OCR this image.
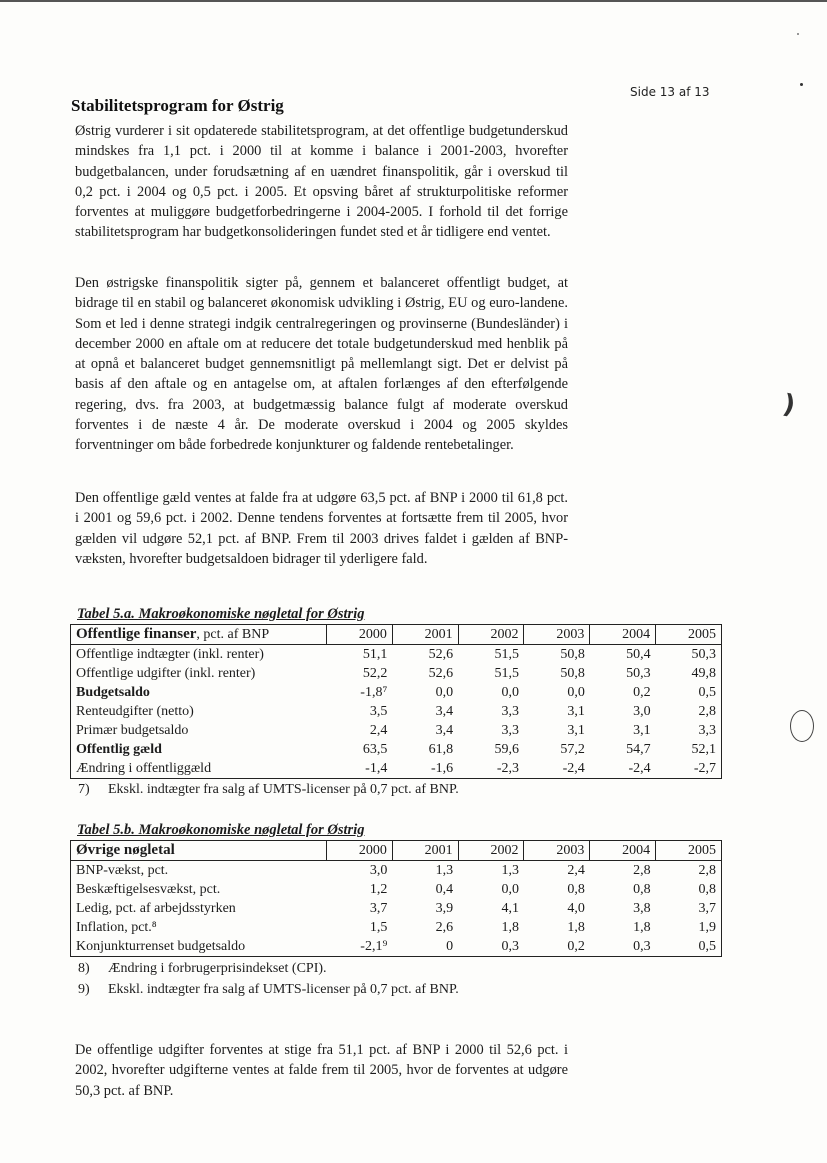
Side 13 af 13
Stabilitetsprogram for Østrig

Østrig vurderer i sit opdaterede stabilitetsprogram, at det offentlige budgetunderskud mindskes fra 1,1 pct. i 2000 til at komme i balance i 2001-2003, hvorefter budgetbalancen, under forudsætning af en uændret finanspolitik, går i overskud til 0,2 pct. i 2004 og 0,5 pct. i 2005. Et opsving båret af strukturpolitiske reformer forventes at muliggøre budgetforbedringerne i 2004-2005. I forhold til det forrige stabilitetsprogram har budgetkonsolideringen fundet sted et år tidligere end ventet.

Den østrigske finanspolitik sigter på, gennem et balanceret offentligt budget, at bidrage til en stabil og balanceret økonomisk udvikling i Østrig, EU og euro-landene. Som et led i denne strategi indgik centralregeringen og provinserne (Bundesländer) i december 2000 en aftale om at reducere det totale budgetunderskud med henblik på at opnå et balanceret budget gennemsnitligt på mellemlangt sigt. Det er delvist på basis af den aftale og en antagelse om, at aftalen forlænges af den efterfølgende regering, dvs. fra 2003, at budgetmæssig balance fulgt af moderate overskud forventes i de næste 4 år. De moderate overskud i 2004 og 2005 skyldes forventninger om både forbedrede konjunkturer og faldende rentebetalinger.

Den offentlige gæld ventes at falde fra at udgøre 63,5 pct. af BNP i 2000 til 61,8 pct. i 2001 og 59,6 pct. i 2002. Denne tendens forventes at fortsætte frem til 2005, hvor gælden vil udgøre 52,1 pct. af BNP. Frem til 2003 drives faldet i gælden af BNP-væksten, hvorefter budgetsaldoen bidrager til yderligere fald.

Tabel 5.a. Makroøkonomiske nøgletal for Østrig
Offentlige finanser, pct. af BNP	2000	2001	2002	2003	2004	2005
Offentlige indtægter (inkl. renter)	51,1	52,6	51,5	50,8	50,4	50,3
Offentlige udgifter (inkl. renter)	52,2	52,6	51,5	50,8	50,3	49,8
Budgetsaldo	-1,8⁷	0,0	0,0	0,0	0,2	0,5
Renteudgifter (netto)	3,5	3,4	3,3	3,1	3,0	2,8
Primær budgetsaldo	2,4	3,4	3,3	3,1	3,1	3,3
Offentlig gæld	63,5	61,8	59,6	57,2	54,7	52,1
Ændring i offentliggæld	-1,4	-1,6	-2,3	-2,4	-2,4	-2,7
7) Ekskl. indtægter fra salg af UMTS-licenser på 0,7 pct. af BNP.
Tabel 5.b. Makroøkonomiske nøgletal for Østrig
Øvrige nøgletal	2000	2001	2002	2003	2004	2005
BNP-vækst, pct.	3,0	1,3	1,3	2,4	2,8	2,8
Beskæftigelsesvækst, pct.	1,2	0,4	0,0	0,8	0,8	0,8
Ledig, pct. af arbejdsstyrken	3,7	3,9	4,1	4,0	3,8	3,7
Inflation, pct.⁸	1,5	2,6	1,8	1,8	1,8	1,9
Konjunkturrenset budgetsaldo	-2,1⁹	0	0,3	0,2	0,3	0,5
8) Ændring i forbrugerprisindekset (CPI).
9) Ekskl. indtægter fra salg af UMTS-licenser på 0,7 pct. af BNP.

De offentlige udgifter forventes at stige fra 51,1 pct. af BNP i 2000 til 52,6 pct. i 2002, hvorefter udgifterne ventes at falde frem til 2005, hvor de forventes at udgøre 50,3 pct. af BNP.

)
